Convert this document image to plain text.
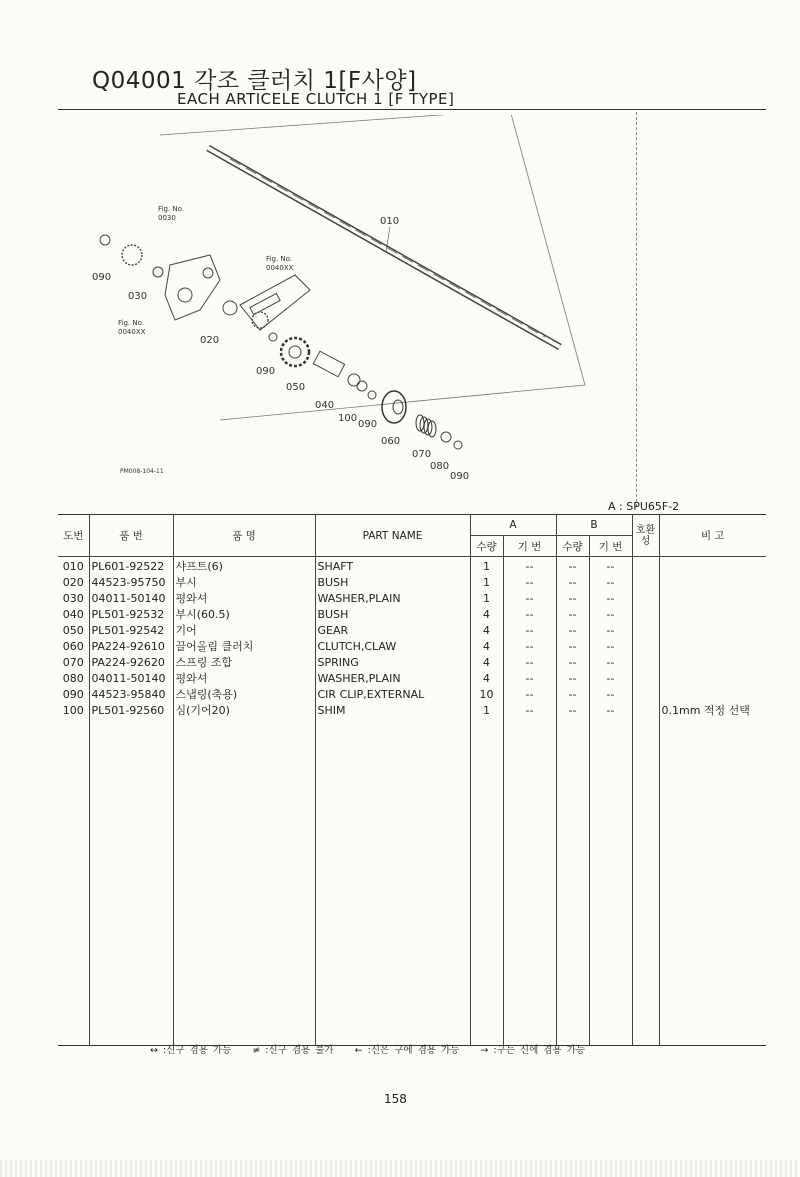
Q04001 각조 클러치 1[F사양]
EACH ARTICELE CLUTCH 1 [F TYPE]
010
020
030
040
050
060
070
080
090
090
090
100
090
Fig. No.
0030
Fig. No.
0040XX
Fig. No.
0040XX
PM008-104-11
A : SPU65F-2
도번	품 번	품 명	PART NAME	A		B		호환성	비 고
				수량	기 번	수량	기 번		
010	PL601-92522	샤프트(6)	SHAFT	1	--	--	--		
020	44523-95750	부시	BUSH	1	--	--	--		
030	04011-50140	평와셔	WASHER,PLAIN	1	--	--	--		
040	PL501-92532	부시(60.5)	BUSH	4	--	--	--		
050	PL501-92542	기어	GEAR	4	--	--	--		
060	PA224-92610	끌어올림 클러치	CLUTCH,CLAW	4	--	--	--		
070	PA224-92620	스프링 조합	SPRING	4	--	--	--		
080	04011-50140	평와셔	WASHER,PLAIN	4	--	--	--		
090	44523-95840	스냅링(축용)	CIR CLIP,EXTERNAL	10	--	--	--		
100	PL501-92560	심(기어20)	SHIM	1	--	--	--		0.1mm 적정 선택

↔ :신구 겸용 가능 ≠ :신구 겸용 불가 ← :신은 구에 겸용 가능 → :구는 신에 겸용 가능
158
